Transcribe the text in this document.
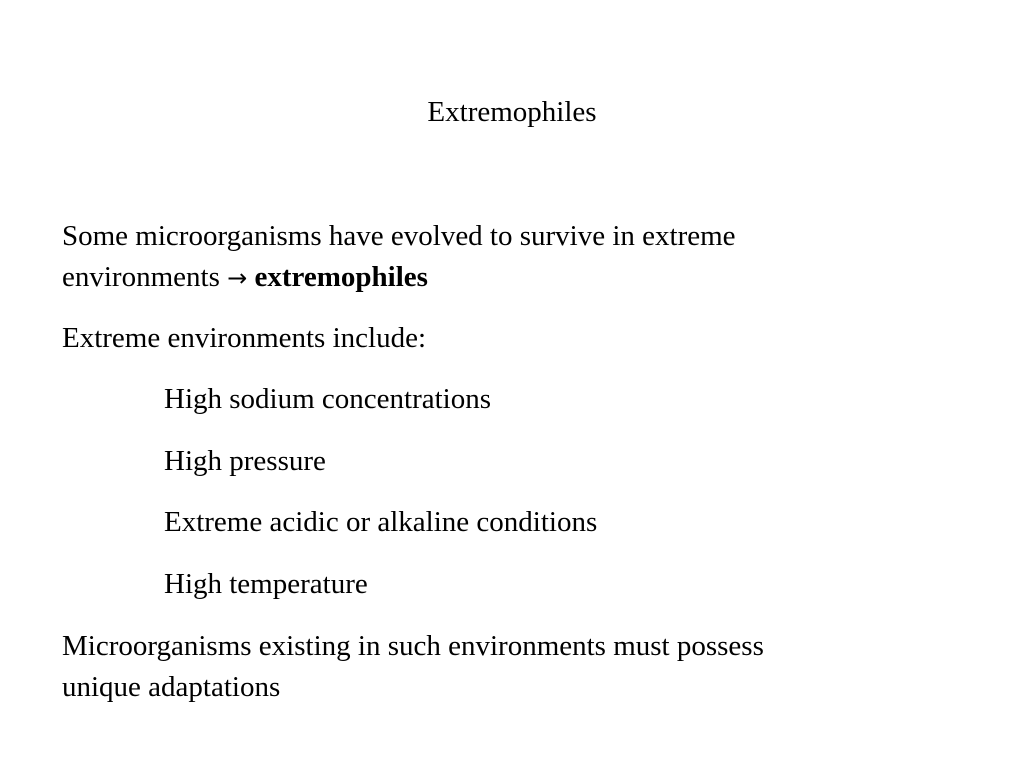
Extremophiles

Some microorganisms have evolved to survive in extreme
environments → extremophiles

Extreme environments include:

High sodium concentrations
High pressure
Extreme acidic or alkaline conditions
High temperature

Microorganisms existing in such environments must possess
unique adaptations
